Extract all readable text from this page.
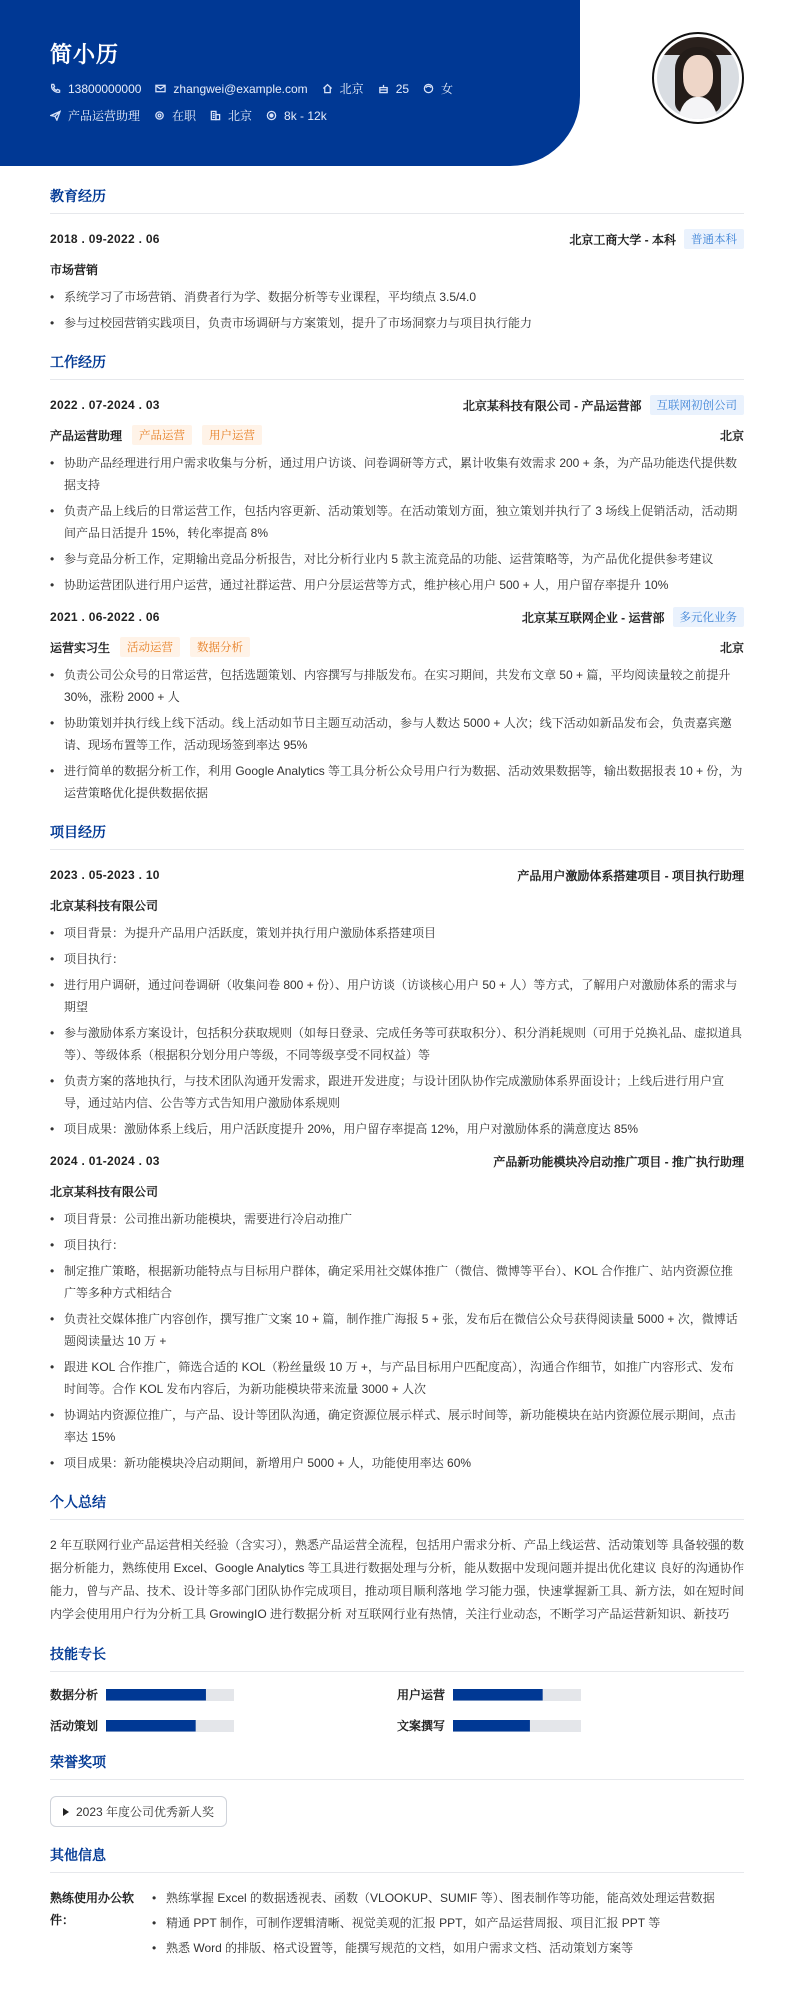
简小历
13800000000	zhangwei@example.com	北京	25	女
产品运营助理	在职	北京	8k - 12k
教育经历
2018 . 09-2022 . 06	北京工商大学 - 本科	普通本科
市场营销
• 系统学习了市场营销、消费者行为学、数据分析等专业课程，平均绩点 3.5/4.0
• 参与过校园营销实践项目，负责市场调研与方案策划，提升了市场洞察力与项目执行能力
工作经历
2022 . 07-2024 . 03	北京某科技有限公司 - 产品运营部	互联网初创公司
产品运营助理	产品运营	用户运营	北京
• 协助产品经理进行用户需求收集与分析，通过用户访谈、问卷调研等方式，累计收集有效需求 200 + 条，为产品功能迭代提供数据支持
• 负责产品上线后的日常运营工作，包括内容更新、活动策划等。在活动策划方面，独立策划并执行了 3 场线上促销活动，活动期间产品日活提升 15%，转化率提高 8%
• 参与竞品分析工作，定期输出竞品分析报告，对比分析行业内 5 款主流竞品的功能、运营策略等，为产品优化提供参考建议
• 协助运营团队进行用户运营，通过社群运营、用户分层运营等方式，维护核心用户 500 + 人，用户留存率提升 10%
2021 . 06-2022 . 06	北京某互联网企业 - 运营部	多元化业务
运营实习生	活动运营	数据分析	北京
• 负责公司公众号的日常运营，包括选题策划、内容撰写与排版发布。在实习期间，共发布文章 50 + 篇，平均阅读量较之前提升 30%，涨粉 2000 + 人
• 协助策划并执行线上线下活动。线上活动如节日主题互动活动，参与人数达 5000 + 人次；线下活动如新品发布会，负责嘉宾邀请、现场布置等工作，活动现场签到率达 95%
• 进行简单的数据分析工作，利用 Google Analytics 等工具分析公众号用户行为数据、活动效果数据等，输出数据报表 10 + 份，为运营策略优化提供数据依据
项目经历
2023 . 05-2023 . 10	产品用户激励体系搭建项目 - 项目执行助理
北京某科技有限公司
• 项目背景：为提升产品用户活跃度，策划并执行用户激励体系搭建项目
• 项目执行：
• 进行用户调研，通过问卷调研（收集问卷 800 + 份）、用户访谈（访谈核心用户 50 + 人）等方式，了解用户对激励体系的需求与期望
• 参与激励体系方案设计，包括积分获取规则（如每日登录、完成任务等可获取积分）、积分消耗规则（可用于兑换礼品、虚拟道具等）、等级体系（根据积分划分用户等级，不同等级享受不同权益）等
• 负责方案的落地执行，与技术团队沟通开发需求，跟进开发进度；与设计团队协作完成激励体系界面设计；上线后进行用户宣导，通过站内信、公告等方式告知用户激励体系规则
• 项目成果：激励体系上线后，用户活跃度提升 20%，用户留存率提高 12%，用户对激励体系的满意度达 85%
2024 . 01-2024 . 03	产品新功能模块冷启动推广项目 - 推广执行助理
北京某科技有限公司
• 项目背景：公司推出新功能模块，需要进行冷启动推广
• 项目执行：
• 制定推广策略，根据新功能特点与目标用户群体，确定采用社交媒体推广（微信、微博等平台）、KOL 合作推广、站内资源位推广等多种方式相结合
• 负责社交媒体推广内容创作，撰写推广文案 10 + 篇，制作推广海报 5 + 张，发布后在微信公众号获得阅读量 5000 + 次，微博话题阅读量达 10 万 +
• 跟进 KOL 合作推广，筛选合适的 KOL（粉丝量级 10 万 +，与产品目标用户匹配度高），沟通合作细节，如推广内容形式、发布时间等。合作 KOL 发布内容后，为新功能模块带来流量 3000 + 人次
• 协调站内资源位推广，与产品、设计等团队沟通，确定资源位展示样式、展示时间等，新功能模块在站内资源位展示期间，点击率达 15%
• 项目成果：新功能模块冷启动期间，新增用户 5000 + 人，功能使用率达 60%
个人总结

2 年互联网行业产品运营相关经验（含实习），熟悉产品运营全流程，包括用户需求分析、产品上线运营、活动策划等 具备较强的数据分析能力，熟练使用 Excel、Google Analytics 等工具进行数据处理与分析，能从数据中发现问题并提出优化建议 良好的沟通协作能力，曾与产品、技术、设计等多部门团队协作完成项目，推动项目顺利落地 学习能力强，快速掌握新工具、新方法，如在短时间内学会使用用户行为分析工具 GrowingIO 进行数据分析 对互联网行业有热情，关注行业动态，不断学习产品运营新知识、新技巧

技能专长
数据分析	用户运营
活动策划	文案撰写
荣誉奖项
2023 年度公司优秀新人奖
其他信息
熟练使用办公软件：
• 熟练掌握 Excel 的数据透视表、函数（VLOOKUP、SUMIF 等）、图表制作等功能，能高效处理运营数据
• 精通 PPT 制作，可制作逻辑清晰、视觉美观的汇报 PPT，如产品运营周报、项目汇报 PPT 等
• 熟悉 Word 的排版、格式设置等，能撰写规范的文档，如用户需求文档、活动策划方案等
